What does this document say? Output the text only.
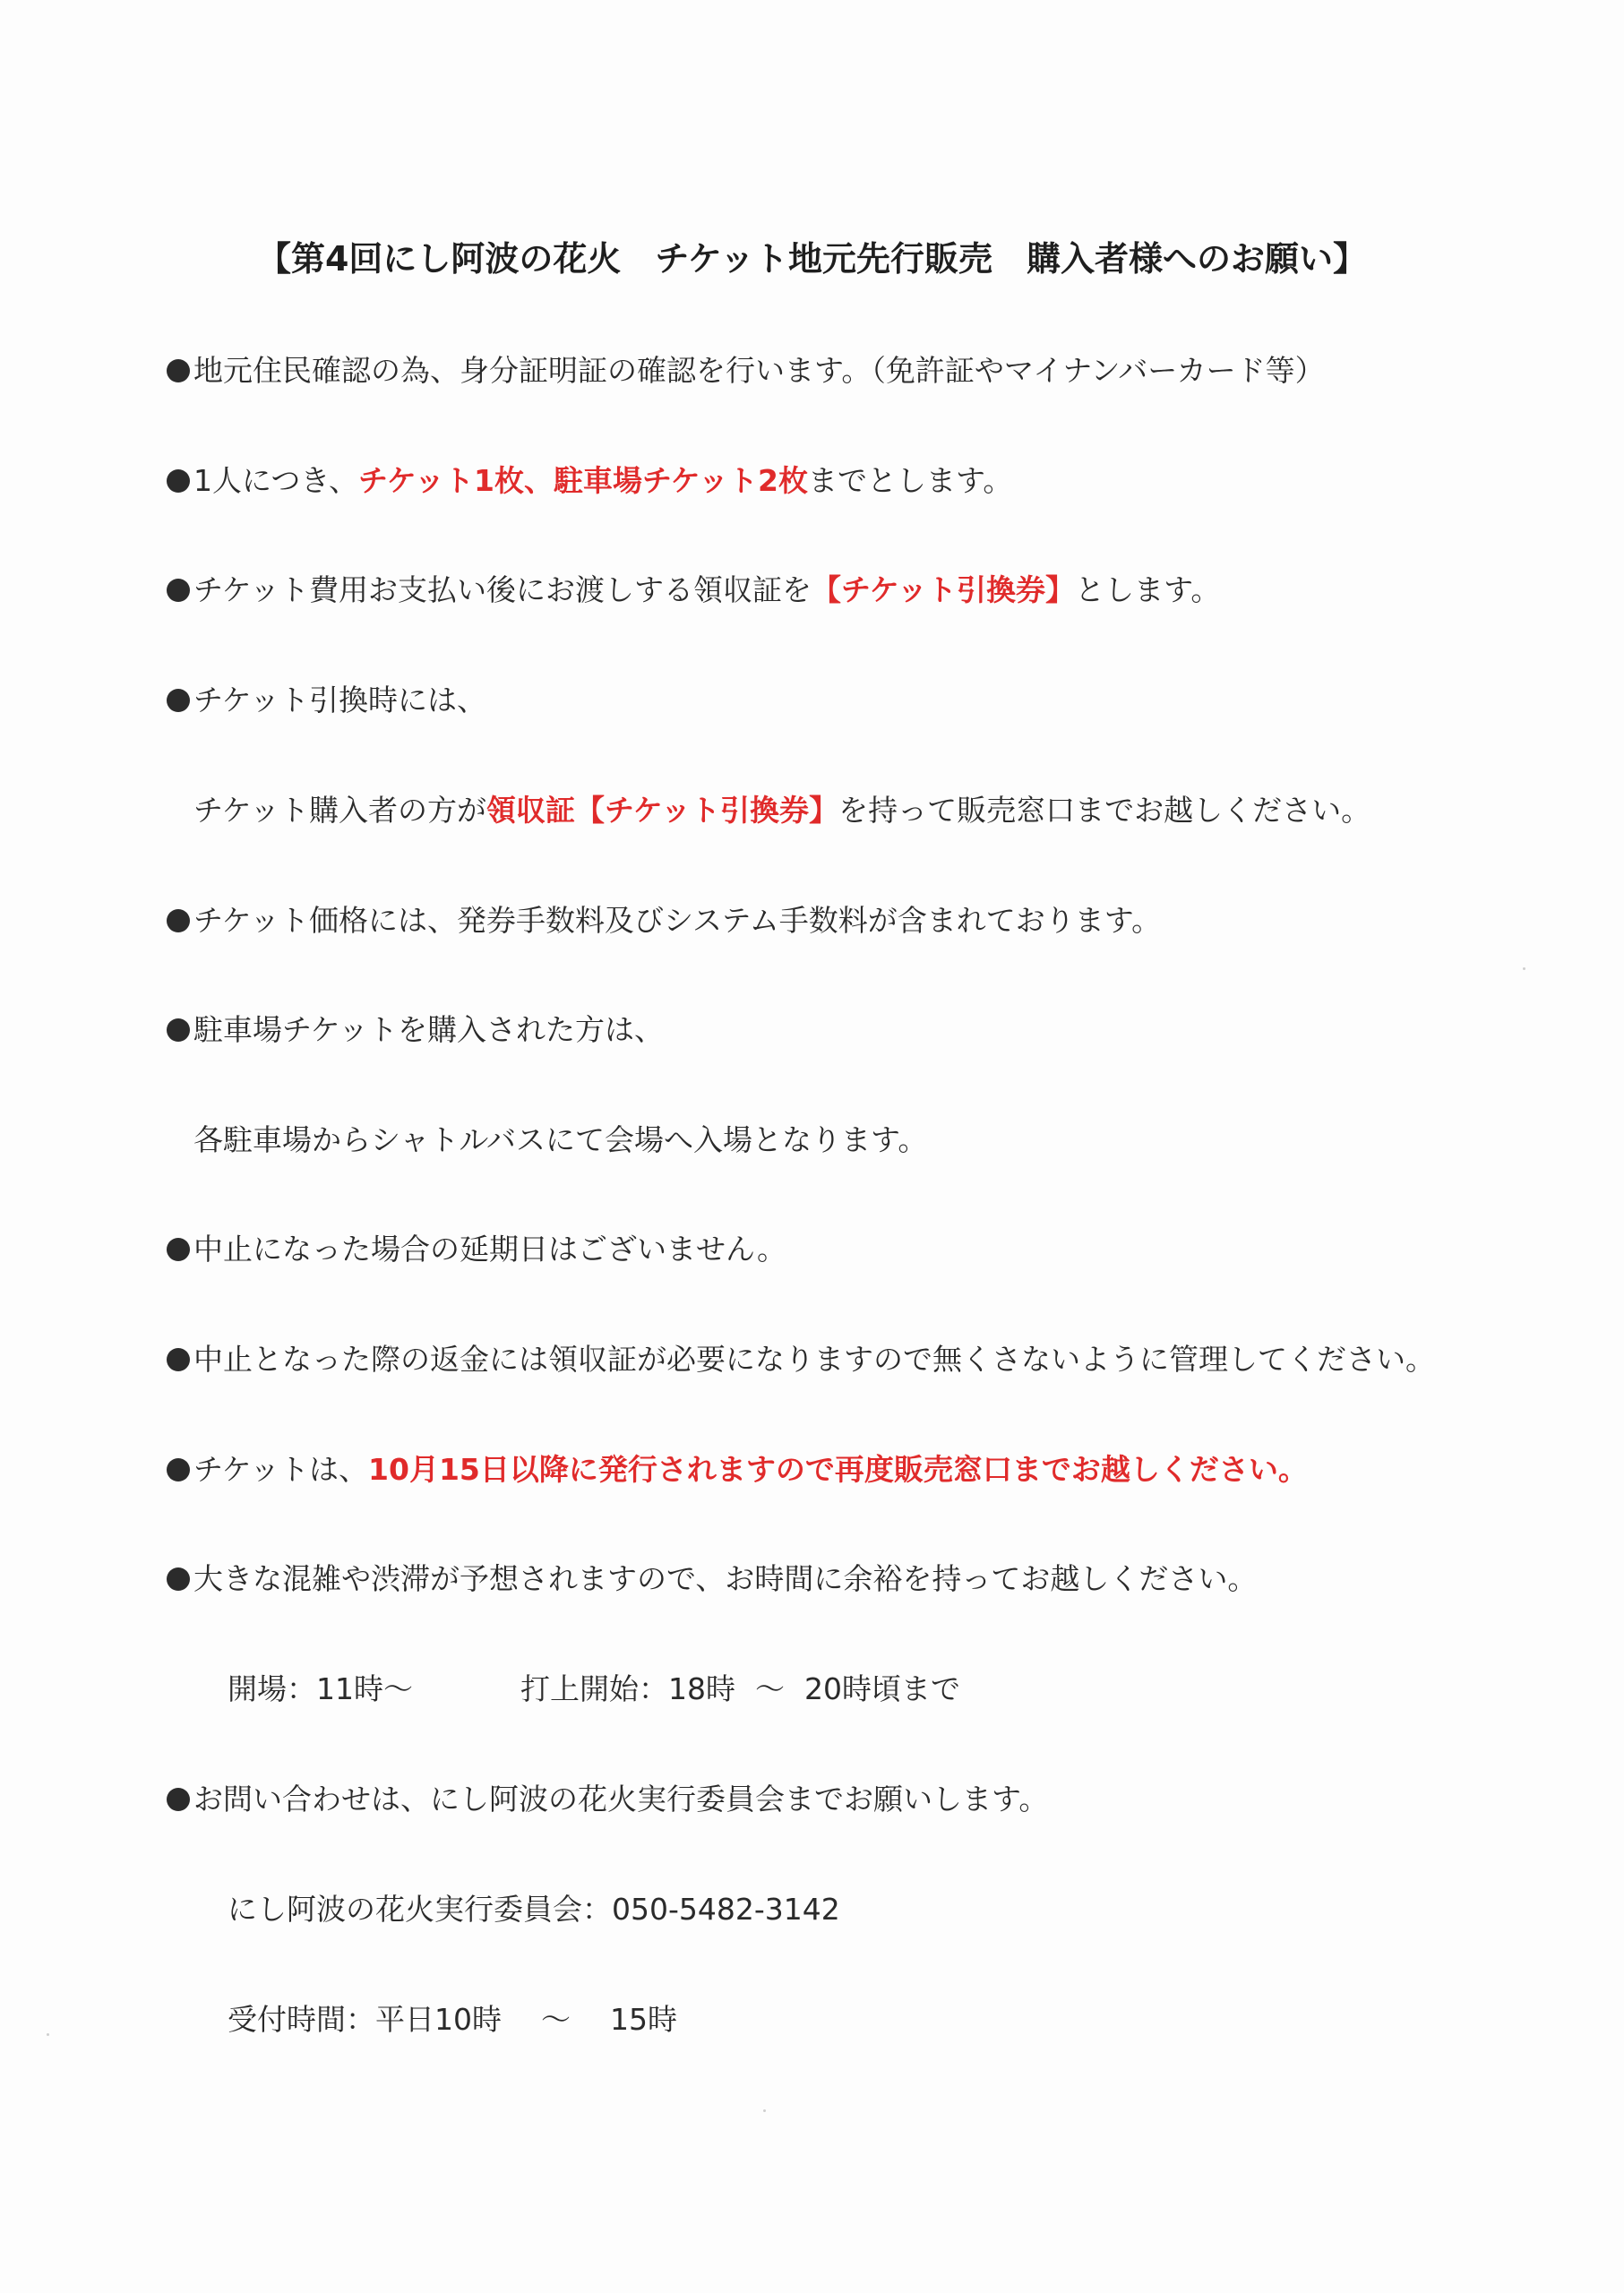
【第4回にし阿波の花火　チケット地元先行販売　購入者様へのお願い】
地元住民確認の為、身分証明証の確認を行います。（免許証やマイナンバーカード等）
1人につき、チケット1枚、駐車場チケット2枚までとします。
チケット費用お支払い後にお渡しする領収証を【チケット引換券】とします。
チケット引換時には、
チケット購入者の方が領収証【チケット引換券】を持って販売窓口までお越しください。
チケット価格には、発券手数料及びシステム手数料が含まれております。
駐車場チケットを購入された方は、
各駐車場からシャトルバスにて会場へ入場となります。
中止になった場合の延期日はございません。
中止となった際の返金には領収証が必要になりますので無くさないように管理してください。
チケットは、10月15日以降に発行されますので再度販売窓口までお越しください。
大きな混雑や渋滞が予想されますので、お時間に余裕を持ってお越しください。
開場：11時〜	打上開始：18時 〜 20時頃まで
お問い合わせは、にし阿波の花火実行委員会までお願いします。
にし阿波の花火実行委員会：050-5482-3142
受付時間：平日10時 〜 15時
